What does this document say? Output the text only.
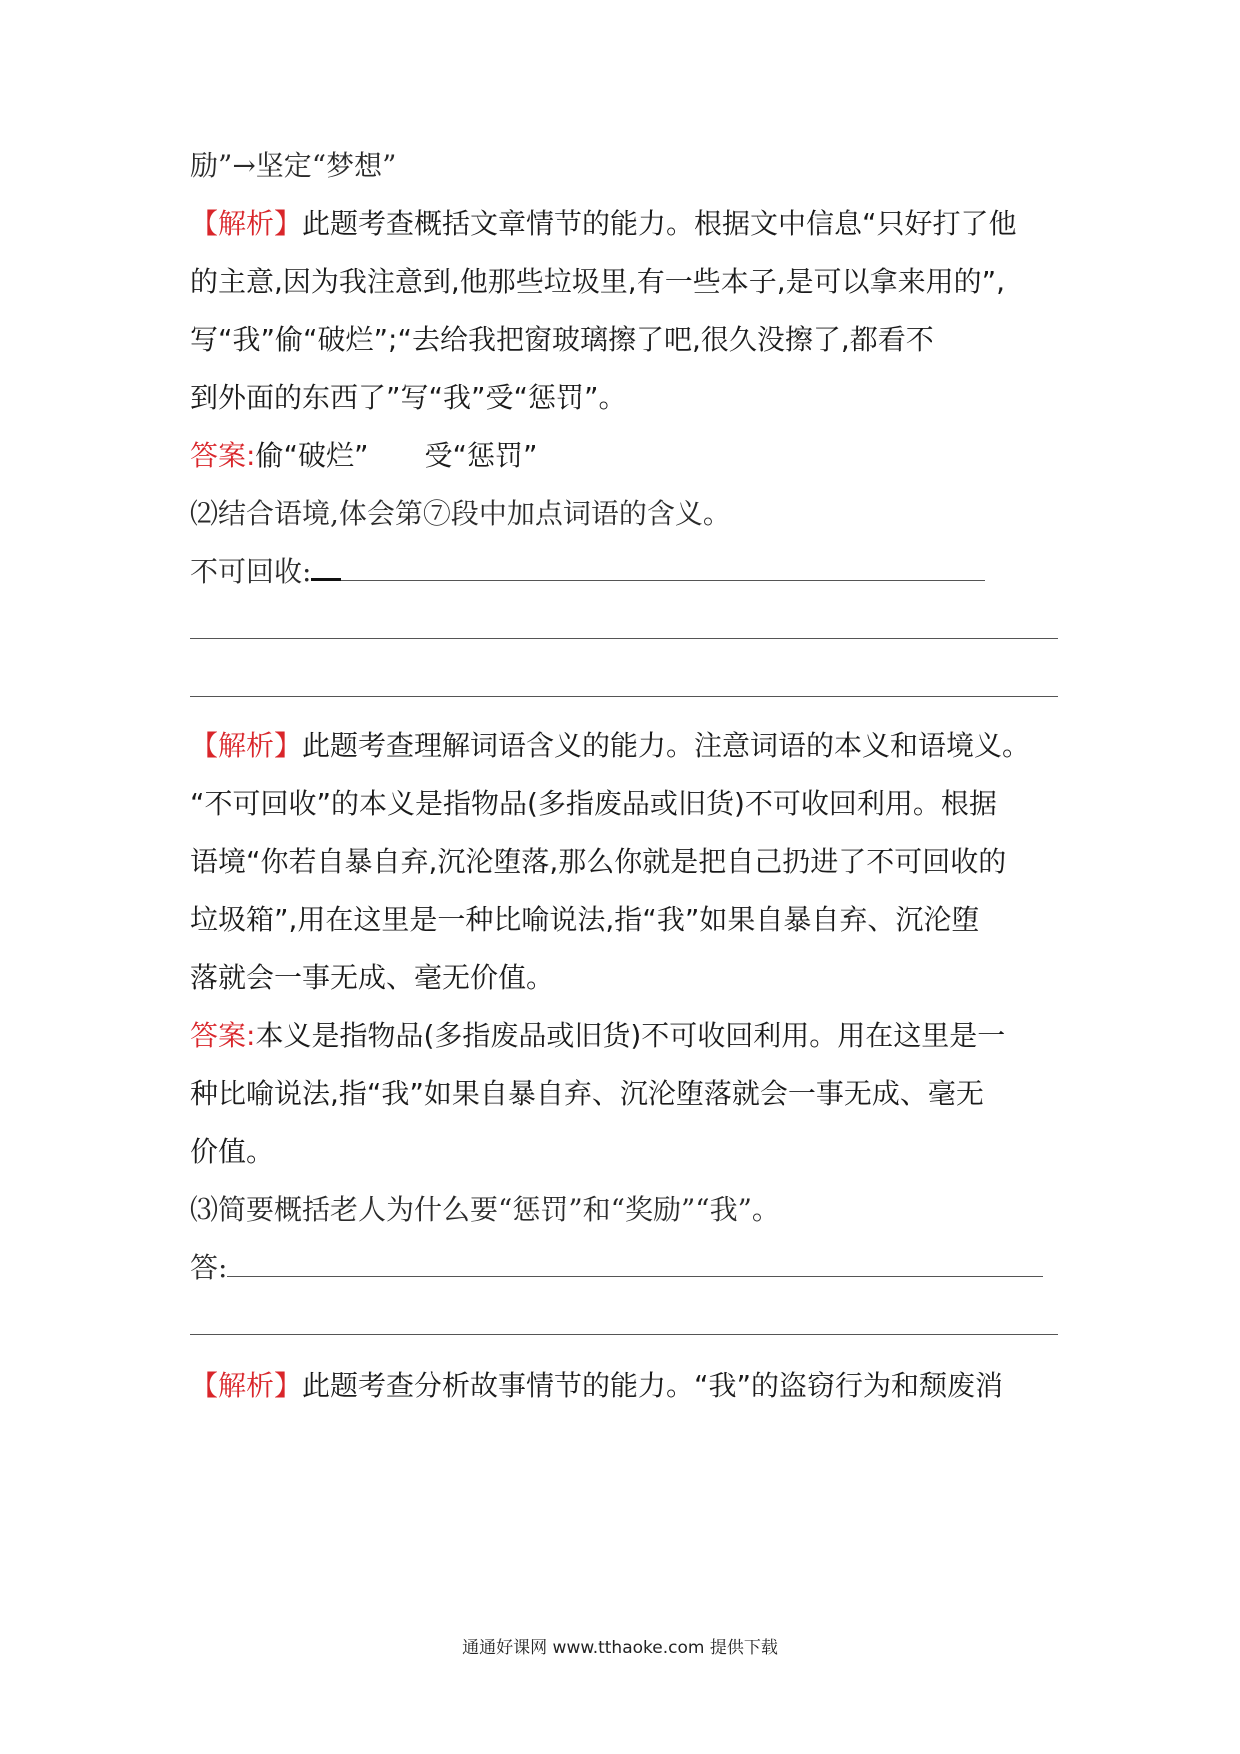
励”→坚定“梦想”
【解析】此题考查概括文章情节的能力。根据文中信息“只好打了他
的主意,因为我注意到,他那些垃圾里,有一些本子,是可以拿来用的”,
写“我”偷“破烂”;“去给我把窗玻璃擦了吧,很久没擦了,都看不
到外面的东西了”写“我”受“惩罚”。
答案:偷“破烂”　　受“惩罚”
⑵结合语境,体会第⑦段中加点词语的含义。
不可回收:
【解析】此题考查理解词语含义的能力。注意词语的本义和语境义。
“不可回收”的本义是指物品(多指废品或旧货)不可收回利用。根据
语境“你若自暴自弃,沉沦堕落,那么你就是把自己扔进了不可回收的
垃圾箱”,用在这里是一种比喻说法,指“我”如果自暴自弃、沉沦堕
落就会一事无成、毫无价值。
答案:本义是指物品(多指废品或旧货)不可收回利用。用在这里是一
种比喻说法,指“我”如果自暴自弃、沉沦堕落就会一事无成、毫无
价值。
⑶简要概括老人为什么要“惩罚”和“奖励”“我”。
答:
【解析】此题考查分析故事情节的能力。“我”的盗窃行为和颓废消
通通好课网 www.tthaoke.com 提供下载
